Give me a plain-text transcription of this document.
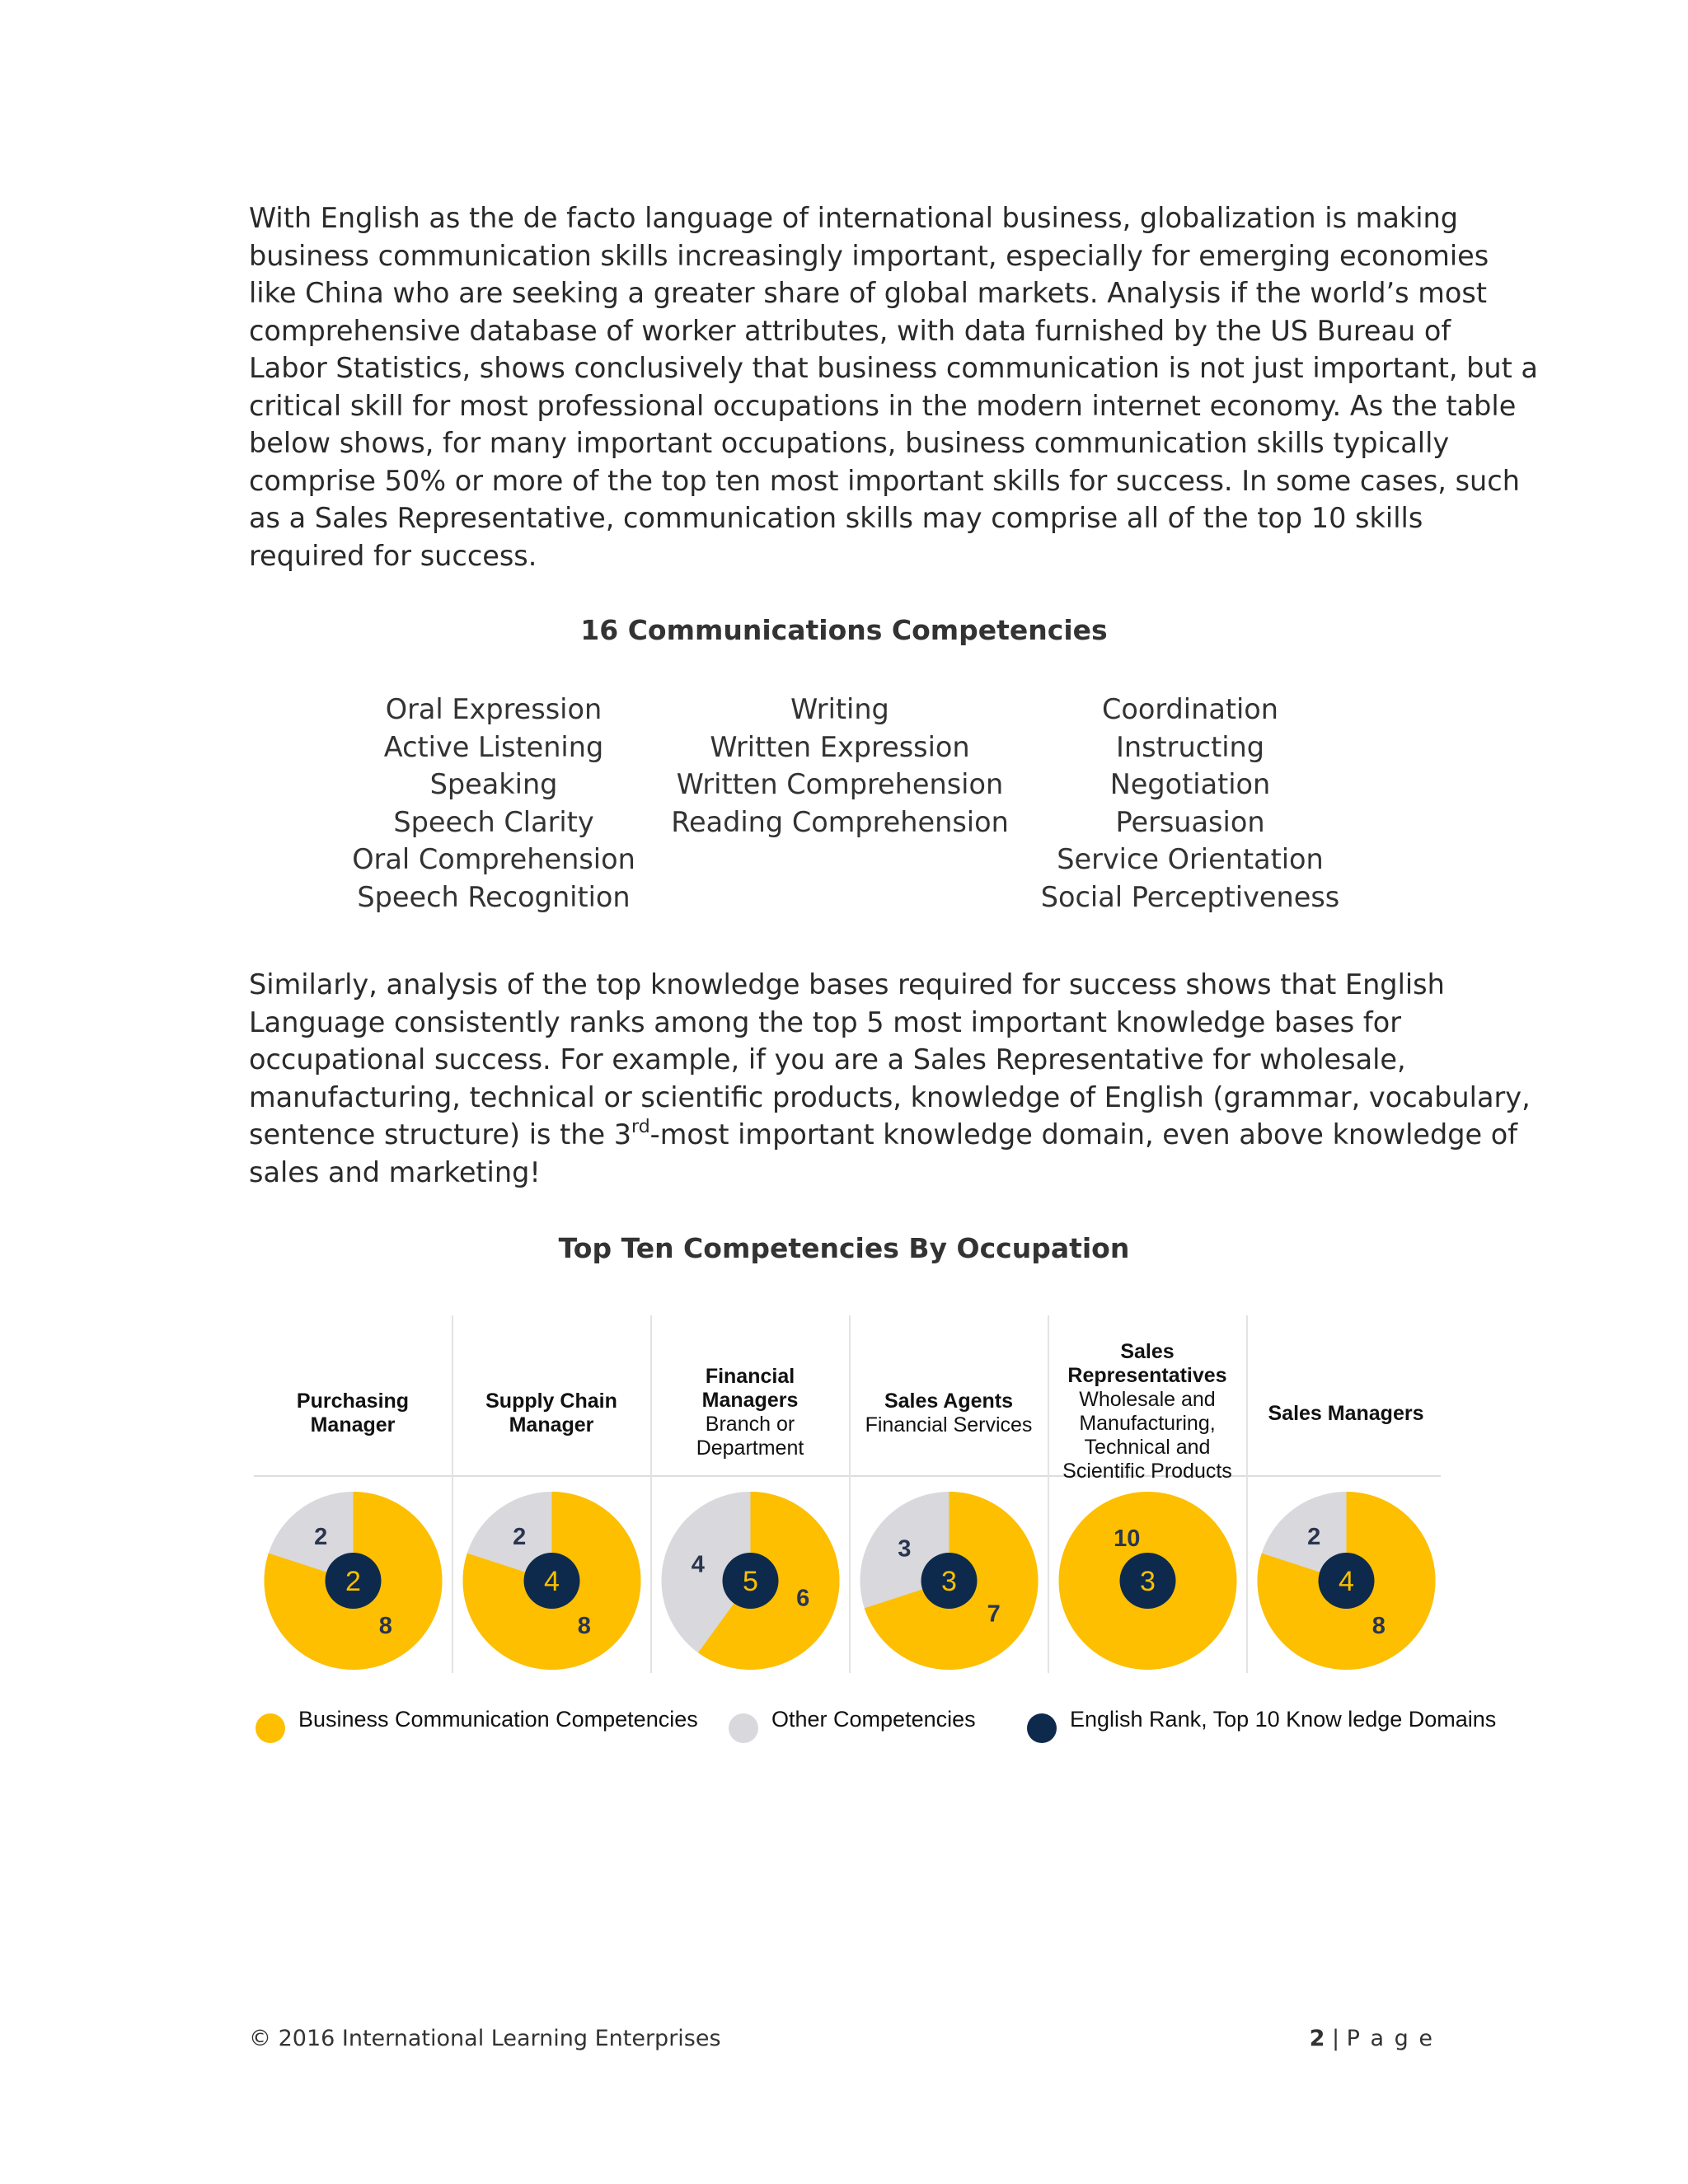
With English as the de facto language of international business, globalization is making
business communication skills increasingly important, especially for emerging economies
like China who are seeking a greater share of global markets. Analysis if the world’s most
comprehensive database of worker attributes, with data furnished by the US Bureau of
Labor Statistics, shows conclusively that business communication is not just important, but a
critical skill for most professional occupations in the modern internet economy. As the table
below shows, for many important occupations, business communication skills typically
comprise 50% or more of the top ten most important skills for success. In some cases, such
as a Sales Representative, communication skills may comprise all of the top 10 skills
required for success.
16 Communications Competencies
Oral Expression
Active Listening
Speaking
Speech Clarity
Oral Comprehension
Speech Recognition
Writing
Written Expression
Written Comprehension
Reading Comprehension
Coordination
Instructing
Negotiation
Persuasion
Service Orientation
Social Perceptiveness
Similarly, analysis of the top knowledge bases required for success shows that English
Language consistently ranks among the top 5 most important knowledge bases for
occupational success. For example, if you are a Sales Representative for wholesale,
manufacturing, technical or scientific products, knowledge of English (grammar, vocabulary,
sentence structure) is the 3rd-most important knowledge domain, even above knowledge of
sales and marketing!
Top Ten Competencies By Occupation
Purchasing
Manager
Supply Chain
Manager
Financial
Managers
Branch or
Department
Sales Agents
Financial Services
Sales
Representatives
Wholesale and
Manufacturing,
Technical and
Scientific Products
Sales Managers
8
2
2
8
2
4
6
4
5
7
3
3
10
3
8
2
4
Business Communication Competencies	Other Competencies	English Rank, Top 10 Know ledge Domains
© 2016 International Learning Enterprises	2 | P a g e
